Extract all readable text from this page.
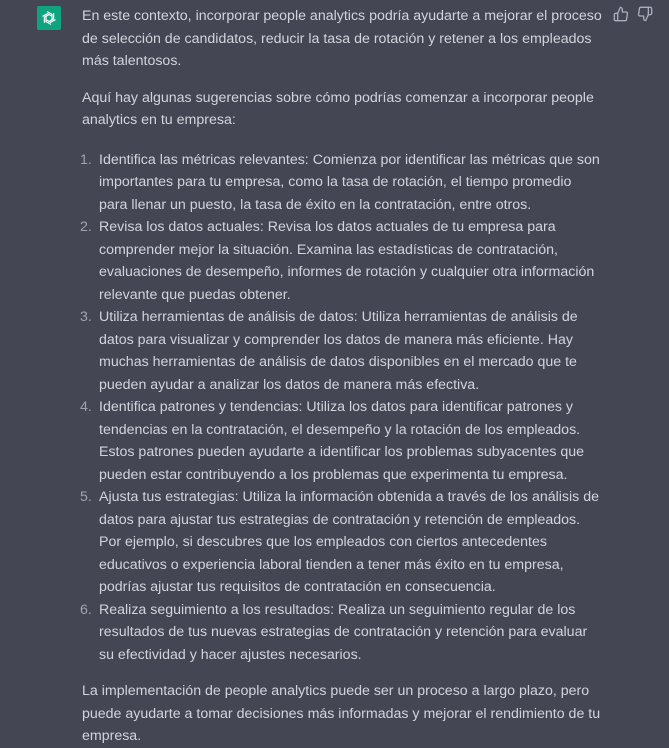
En este contexto, incorporar people analytics podría ayudarte a mejorar el proceso de selección de candidatos, reducir la tasa de rotación y retener a los empleados más talentosos.

Aquí hay algunas sugerencias sobre cómo podrías comenzar a incorporar people analytics en tu empresa:

1. Identifica las métricas relevantes: Comienza por identificar las métricas que son importantes para tu empresa, como la tasa de rotación, el tiempo promedio para llenar un puesto, la tasa de éxito en la contratación, entre otros.
2. Revisa los datos actuales: Revisa los datos actuales de tu empresa para comprender mejor la situación. Examina las estadísticas de contratación, evaluaciones de desempeño, informes de rotación y cualquier otra información relevante que puedas obtener.
3. Utiliza herramientas de análisis de datos: Utiliza herramientas de análisis de datos para visualizar y comprender los datos de manera más eficiente. Hay muchas herramientas de análisis de datos disponibles en el mercado que te pueden ayudar a analizar los datos de manera más efectiva.
4. Identifica patrones y tendencias: Utiliza los datos para identificar patrones y tendencias en la contratación, el desempeño y la rotación de los empleados. Estos patrones pueden ayudarte a identificar los problemas subyacentes que pueden estar contribuyendo a los problemas que experimenta tu empresa.
5. Ajusta tus estrategias: Utiliza la información obtenida a través de los análisis de datos para ajustar tus estrategias de contratación y retención de empleados. Por ejemplo, si descubres que los empleados con ciertos antecedentes educativos o experiencia laboral tienden a tener más éxito en tu empresa, podrías ajustar tus requisitos de contratación en consecuencia.
6. Realiza seguimiento a los resultados: Realiza un seguimiento regular de los resultados de tus nuevas estrategias de contratación y retención para evaluar su efectividad y hacer ajustes necesarios.

La implementación de people analytics puede ser un proceso a largo plazo, pero puede ayudarte a tomar decisiones más informadas y mejorar el rendimiento de tu empresa.
